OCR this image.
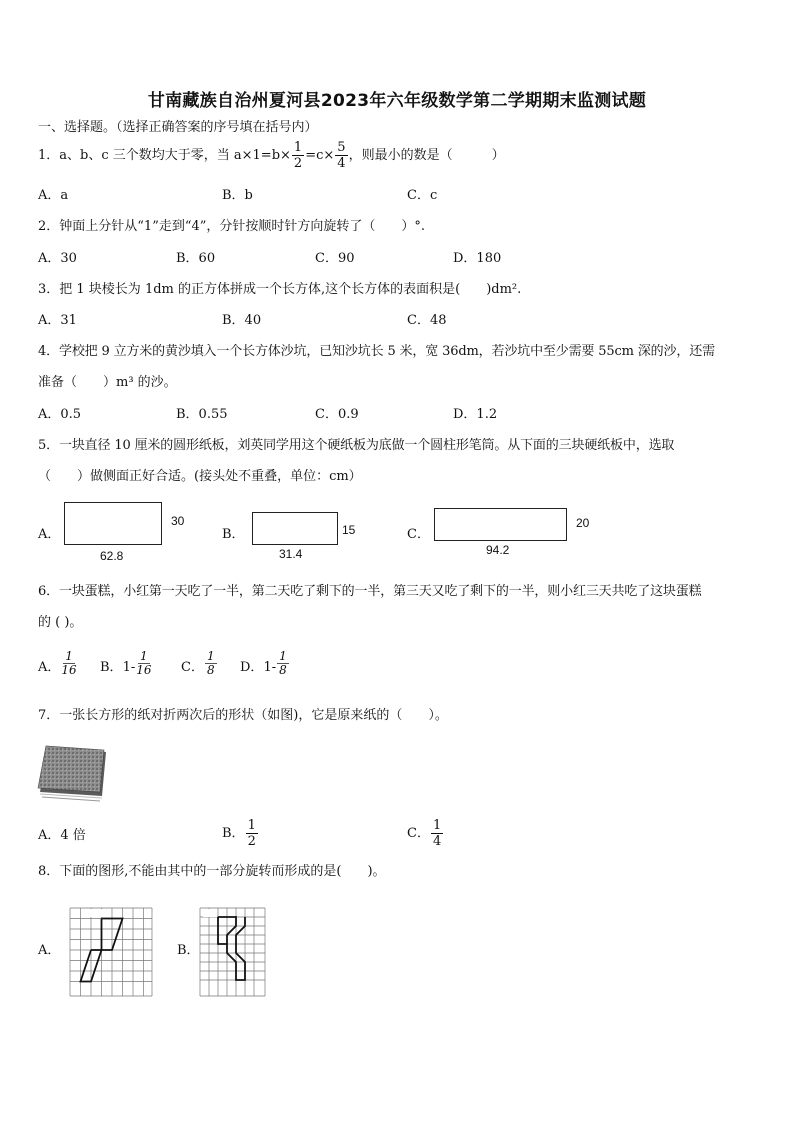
甘南藏族自治州夏河县2023年六年级数学第二学期期末监测试题
一、选择题。（选择正确答案的序号填在括号内）
1．a、b、c 三个数均大于零，当 $a\times 1=b\times \frac{1}{2} =c\times \frac{5}{4}$ ，则最小的数是（　　　）
A．a	B．b	C．c
2．钟面上分针从“1”走到“4”，分针按顺时针方向旋转了（　　）°.
A．30	B．60	C．90	D．180
3．把 1 块棱长为 1dm 的正方体拼成一个长方体,这个长方体的表面积是(　　)dm².
A．31	B．40	C．48
4．学校把 9 立方米的黄沙填入一个长方体沙坑，已知沙坑长 5 米，宽 36dm，若沙坑中至少需要 55cm 深的沙，还需
准备（　　）m³ 的沙。
A．0.5	B．0.55	C．0.9	D．1.2
5．一块直径 10 厘米的圆形纸板，刘英同学用这个硬纸板为底做一个圆柱形笔筒。从下面的三块硬纸板中，选取
（　　）做侧面正好合适。(接头处不重叠，单位：cm）
A．
30
62.8
B．	15
31.4
C．
20
94.2
6．一块蛋糕，小红第一天吃了一半，第二天吃了剩下的一半，第三天又吃了剩下的一半，则小红三天共吃了这块蛋糕
的 ( )。
A． $\frac{1}{16}$ B． $1- \frac{1}{16}$ C． $\frac{1}{8}$ D． $1- \frac{1}{8}$
7．一张长方形的纸对折两次后的形状（如图)，它是原来纸的（　　）。
A．4 倍	B． $\frac{1}{2}$	C． $\frac{1}{4}$
8．下面的图形,不能由其中的一部分旋转而形成的是(　　)。
A．	B．
